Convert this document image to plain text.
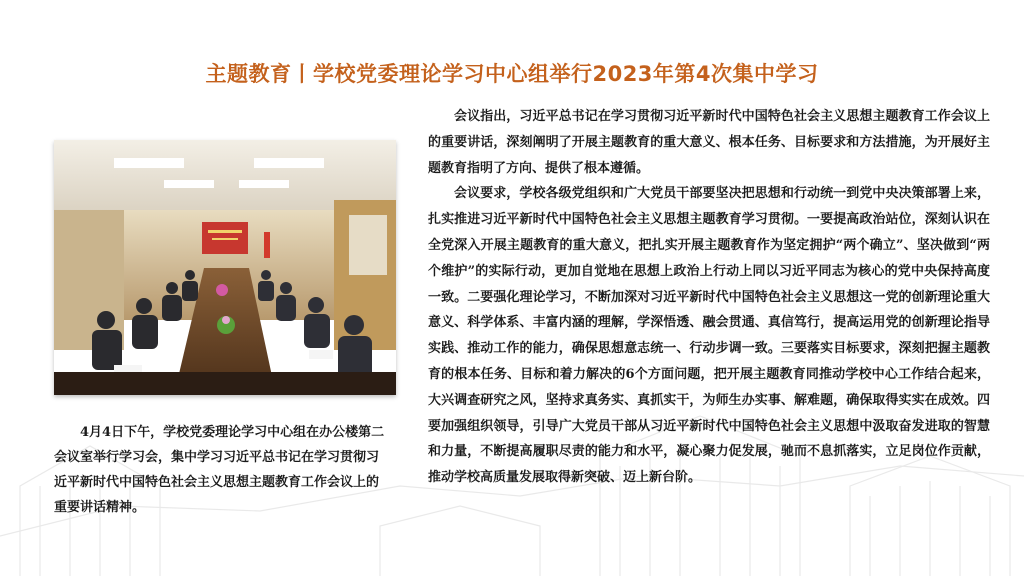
主题教育丨学校党委理论学习中心组举行2023年第4次集中学习

4月4日下午，学校党委理论学习中心组在办公楼第二会议室举行学习会，集中学习习近平总书记在学习贯彻习近平新时代中国特色社会主义思想主题教育工作会议上的重要讲话精神。

会议指出，习近平总书记在学习贯彻习近平新时代中国特色社会主义思想主题教育工作会议上的重要讲话，深刻阐明了开展主题教育的重大意义、根本任务、目标要求和方法措施，为开展好主题教育指明了方向、提供了根本遵循。

会议要求，学校各级党组织和广大党员干部要坚决把思想和行动统一到党中央决策部署上来，扎实推进习近平新时代中国特色社会主义思想主题教育学习贯彻。一要提高政治站位，深刻认识在全党深入开展主题教育的重大意义，把扎实开展主题教育作为坚定拥护“两个确立”、坚决做到“两个维护”的实际行动，更加自觉地在思想上政治上行动上同以习近平同志为核心的党中央保持高度一致。二要强化理论学习，不断加深对习近平新时代中国特色社会主义思想这一党的创新理论重大意义、科学体系、丰富内涵的理解，学深悟透、融会贯通、真信笃行，提高运用党的创新理论指导实践、推动工作的能力，确保思想意志统一、行动步调一致。三要落实目标要求，深刻把握主题教育的根本任务、目标和着力解决的6个方面问题，把开展主题教育同推动学校中心工作结合起来，大兴调查研究之风，坚持求真务实、真抓实干，为师生办实事、解难题，确保取得实实在成效。四要加强组织领导，引导广大党员干部从习近平新时代中国特色社会主义思想中汲取奋发进取的智慧和力量，不断提高履职尽责的能力和水平，凝心聚力促发展，驰而不息抓落实，立足岗位作贡献，推动学校高质量发展取得新突破、迈上新台阶。
